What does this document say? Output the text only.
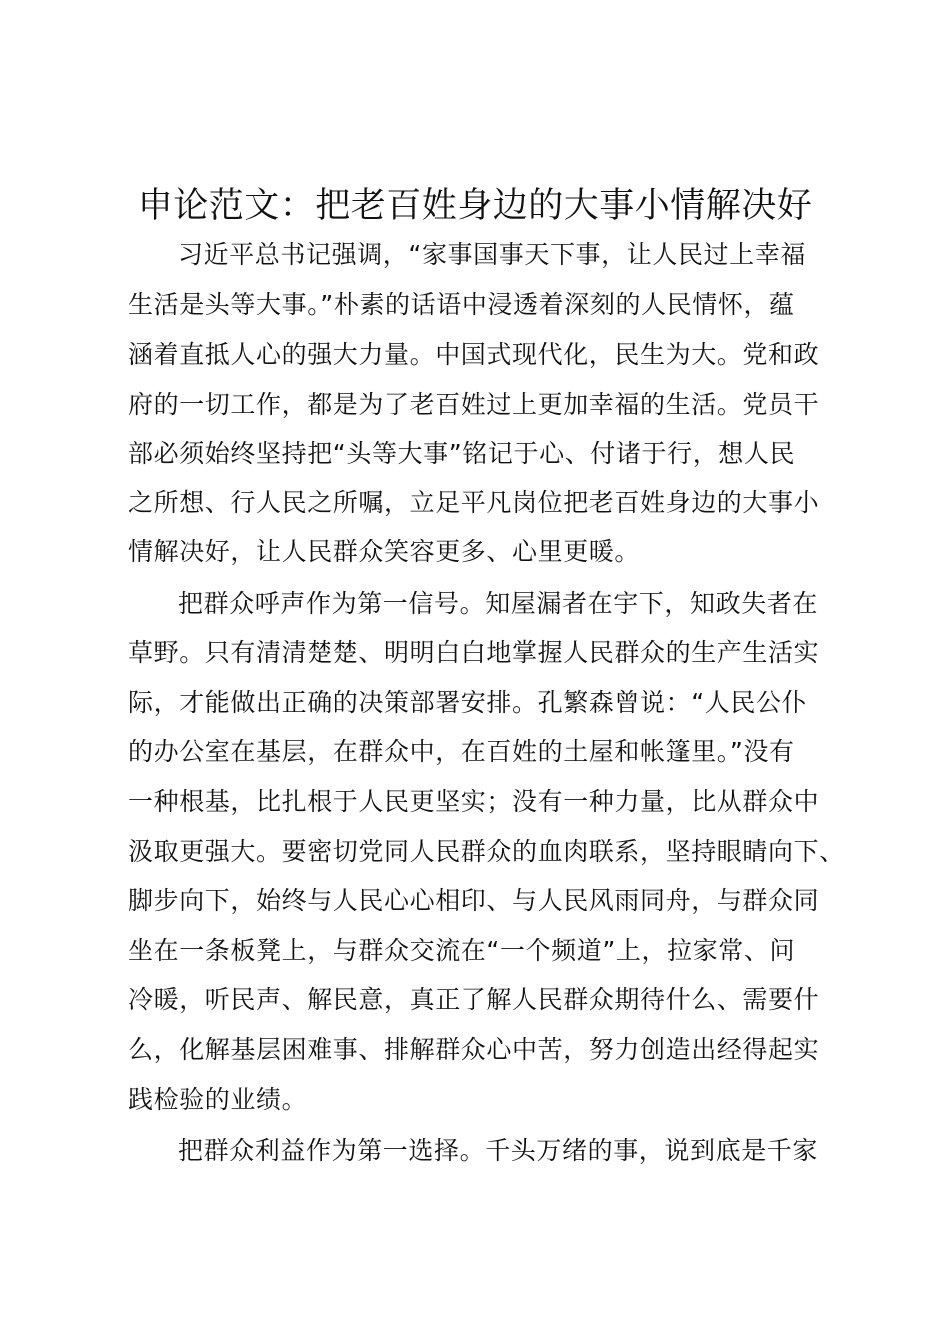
申论范文：把老百姓身边的大事小情解决好
习近平总书记强调，“家事国事天下事，让人民过上幸福
生活是头等大事。”朴素的话语中浸透着深刻的人民情怀，蕴
涵着直抵人心的强大力量。中国式现代化，民生为大。党和政
府的一切工作，都是为了老百姓过上更加幸福的生活。党员干
部必须始终坚持把“头等大事”铭记于心、付诸于行，想人民
之所想、行人民之所嘱，立足平凡岗位把老百姓身边的大事小
情解决好，让人民群众笑容更多、心里更暖。
把群众呼声作为第一信号。知屋漏者在宇下，知政失者在
草野。只有清清楚楚、明明白白地掌握人民群众的生产生活实
际，才能做出正确的决策部署安排。孔繁森曾说：“人民公仆
的办公室在基层，在群众中，在百姓的土屋和帐篷里。”没有
一种根基，比扎根于人民更坚实；没有一种力量，比从群众中
汲取更强大。要密切党同人民群众的血肉联系，坚持眼睛向下、
脚步向下，始终与人民心心相印、与人民风雨同舟，与群众同
坐在一条板凳上，与群众交流在“一个频道”上，拉家常、问
冷暖，听民声、解民意，真正了解人民群众期待什么、需要什
么，化解基层困难事、排解群众心中苦，努力创造出经得起实
践检验的业绩。
把群众利益作为第一选择。千头万绪的事，说到底是千家
